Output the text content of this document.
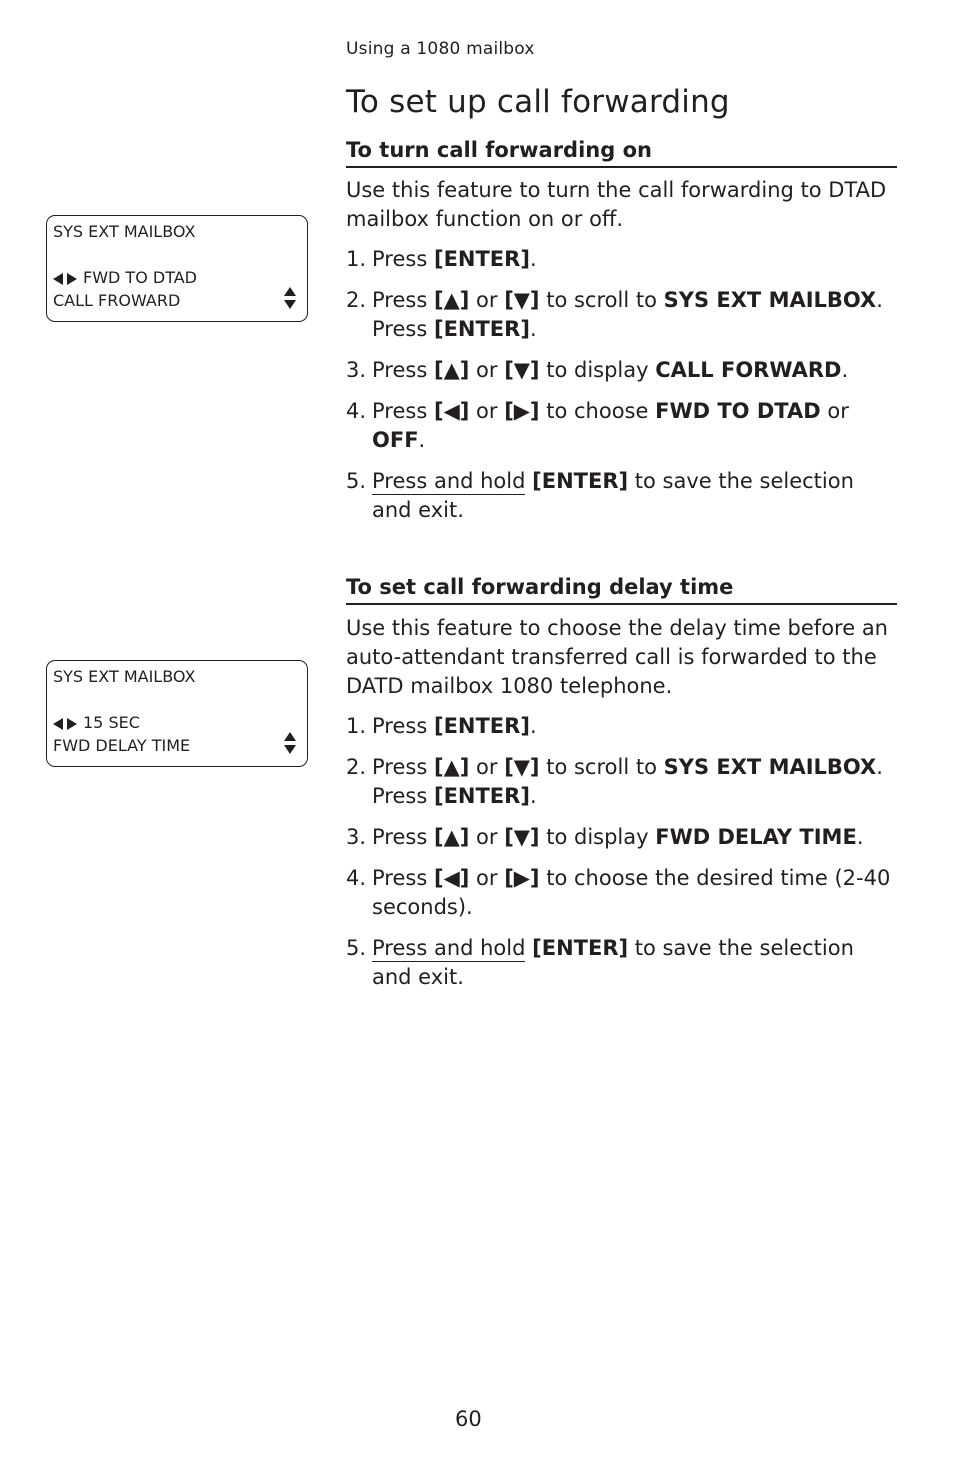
Using a 1080 mailbox
To set up call forwarding
To turn call forwarding on
Use this feature to turn the call forwarding to DTAD mailbox function on or off.
SYS EXT MAILBOX
FWD TO DTAD
CALL FROWARD
1. Press [ENTER].
2. Press [▲] or [▼] to scroll to SYS EXT MAILBOX.
Press [ENTER].
3. Press [▲] or [▼] to display CALL FORWARD.
4. Press [◀] or [▶] to choose FWD TO DTAD or
OFF.
5. Press and hold [ENTER] to save the selection and exit.
To set call forwarding delay time
Use this feature to choose the delay time before an auto-attendant transferred call is forwarded to the DATD mailbox 1080 telephone.
SYS EXT MAILBOX
15 SEC
FWD DELAY TIME
1. Press [ENTER].
2. Press [▲] or [▼] to scroll to SYS EXT MAILBOX.
Press [ENTER].
3. Press [▲] or [▼] to display FWD DELAY TIME.
4. Press [◀] or [▶] to choose the desired time (2-40 seconds).
5. Press and hold [ENTER] to save the selection and exit.
60
